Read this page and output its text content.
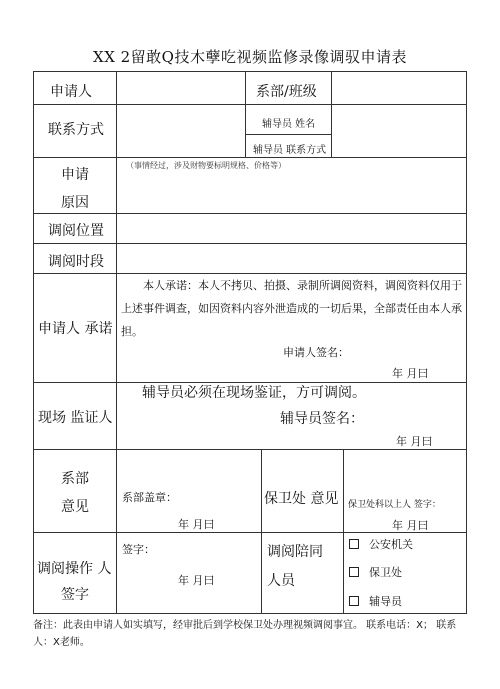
XX 2留敢Q技木孽吃视频监修录像调驭申请表
申请人	系部/班级
联系方式	辅导员 姓名
辅导员 联系方式
申请
原因
（事情经过，涉及财物要标明规格、价格等）
调阅位置
调阅时段
申请人 承诺
本人承诺：本人不拷贝、拍摄、录制所调阅资料，调阅资料仅用于上述事件调查，如因资料内容外泄造成的一切后果，全部责任由本人承担。
申请人签名：
年 月曰
现场 监证人
辅导员必须在现场鉴证，方可调阅。
辅导员签名：
年 月曰
系部
意见
系部盖章：
年 月曰
保卫处 意见 保卫处科以上人 签字：
年 月曰
调阅操作 人
签字
签字：
年 月曰
调阅陪同
人员
公安机关
保卫处
辅导员
备注：此表由申请人如实填写，经审批后到学校保卫处办理视频调阅事宜。 联系电话：X； 联系人：X老师。
